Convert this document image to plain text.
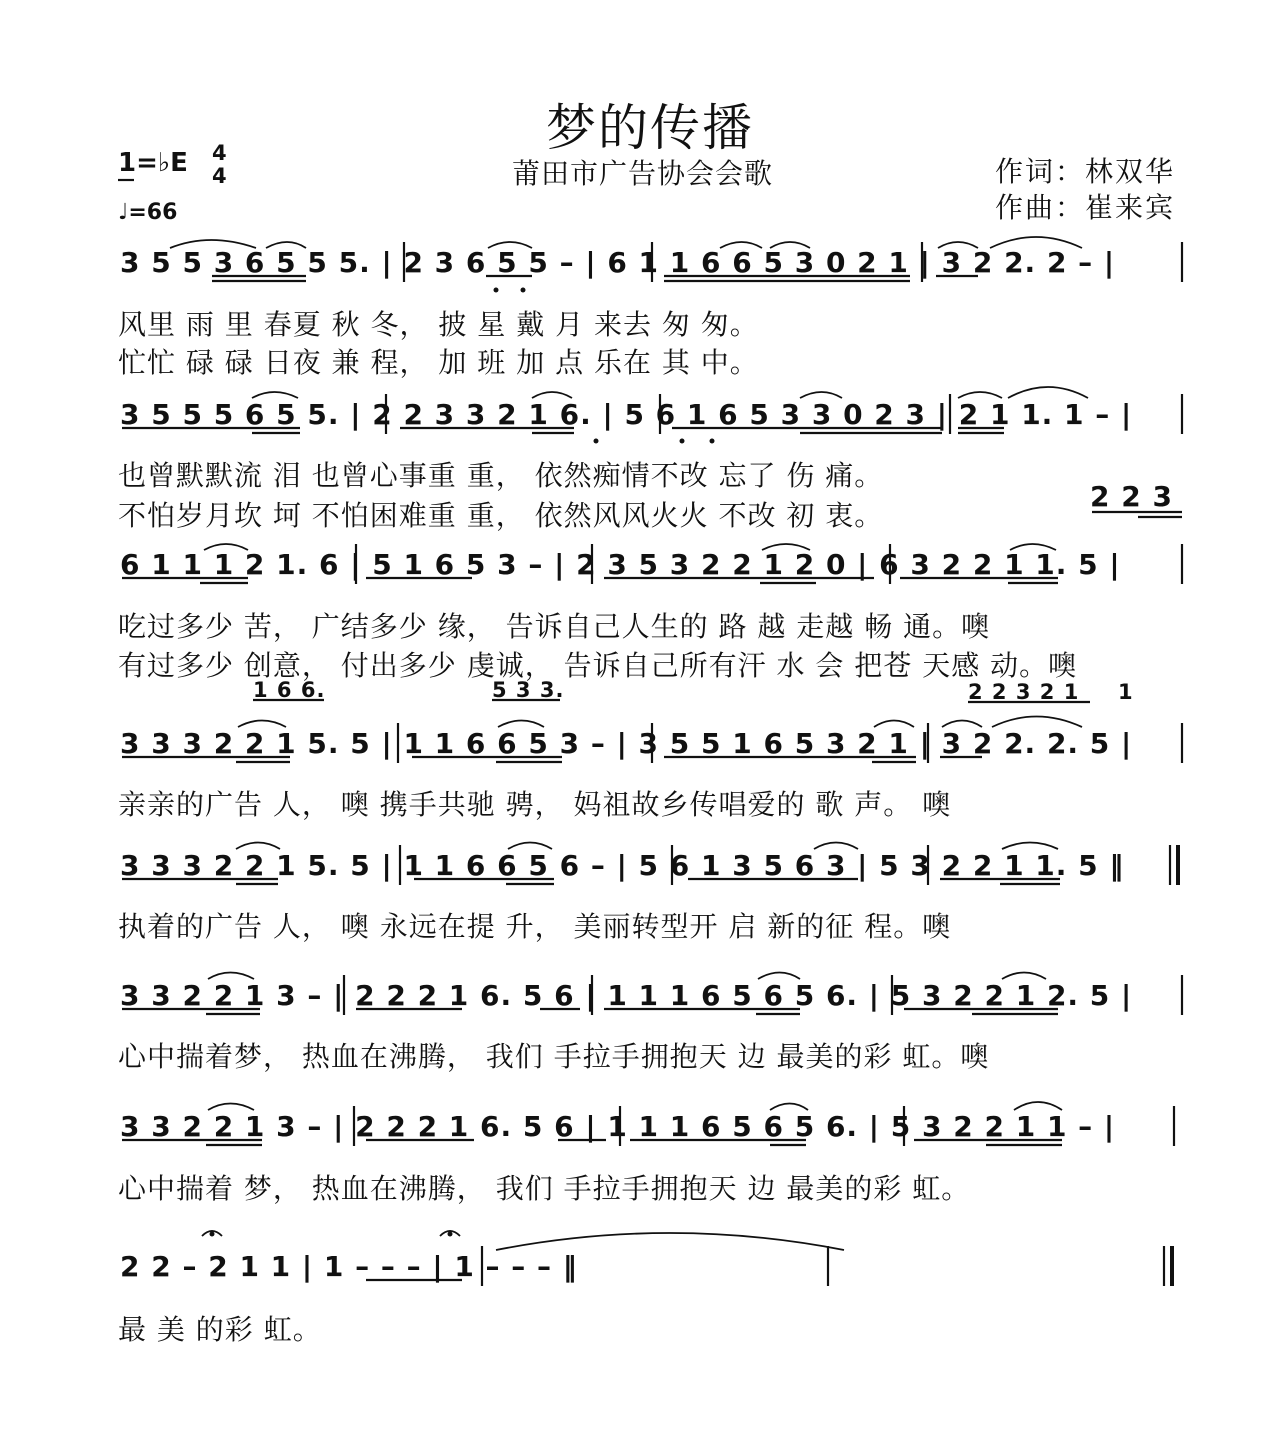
梦的传播
莆田市广告协会会歌	作词：林双华
作曲：崔来宾
1=♭E 4
4
♩=66
3 5 5 3 6 5 5 5. | 2 3 6 5 5 – | 6 1 1 6 6 5 3 0 2 1 | 3 2 2. 2 – |
风里 雨 里 春夏 秋 冬， 披 星 戴 月 来去 匆 匆。
忙忙 碌 碌 日夜 兼 程， 加 班 加 点 乐在 其 中。
3 5 5 5 6 5 5. | 2 2 3 3 2 1 6. | 5 6 1 6 5 3 3 0 2 3 | 2 1 1. 1 – |
也曾默默流 泪 也曾心事重 重， 依然痴情不改 忘了 伤 痛。
不怕岁月坎 坷 不怕困难重 重， 依然风风火火 不改 初 衷。
2 2 3
6 1 1 1 2 1. 6 | 5 1 6 5 3 – | 2 3 5 3 2 2 1 2 0 | 6 3 2 2 1 1. 5 |
吃过多少 苦， 广结多少 缘， 告诉自己人生的 路 越 走越 畅 通。噢
有过多少 创意， 付出多少 虔诚， 告诉自己所有汗 水 会 把苍 天感 动。噢
1 6 6.	5 3 3.	2 2 3 2 1 1
3 3 3 2 2 1 5. 5 | 1 1 6 6 5 3 – | 3 5 5 1 6 5 3 2 1 | 3 2 2. 2. 5 |
亲亲的广告 人， 噢 携手共驰 骋， 妈祖故乡传唱爱的 歌 声。 噢
3 3 3 2 2 1 5. 5 | 1 1 6 6 5 6 – | 5 6 1 3 5 6 3 | 5 3 2 2 1 1. 5 ‖
执着的广告 人， 噢 永远在提 升， 美丽转型开 启 新的征 程。噢
3 3 2 2 1 3 – | 2 2 2 1 6. 5 6 | 1 1 1 6 5 6 5 6. | 5 3 2 2 1 2. 5 |
心中揣着梦， 热血在沸腾， 我们 手拉手拥抱天 边 最美的彩 虹。噢
3 3 2 2 1 3 – | 2 2 2 1 6. 5 6 | 1 1 1 6 5 6 5 6. | 5 3 2 2 1 1 – |
心中揣着 梦， 热血在沸腾， 我们 手拉手拥抱天 边 最美的彩 虹。
2 2 – 2 1 1 | 1 – – – | 1 – – – ‖
最 美 的彩 虹。
